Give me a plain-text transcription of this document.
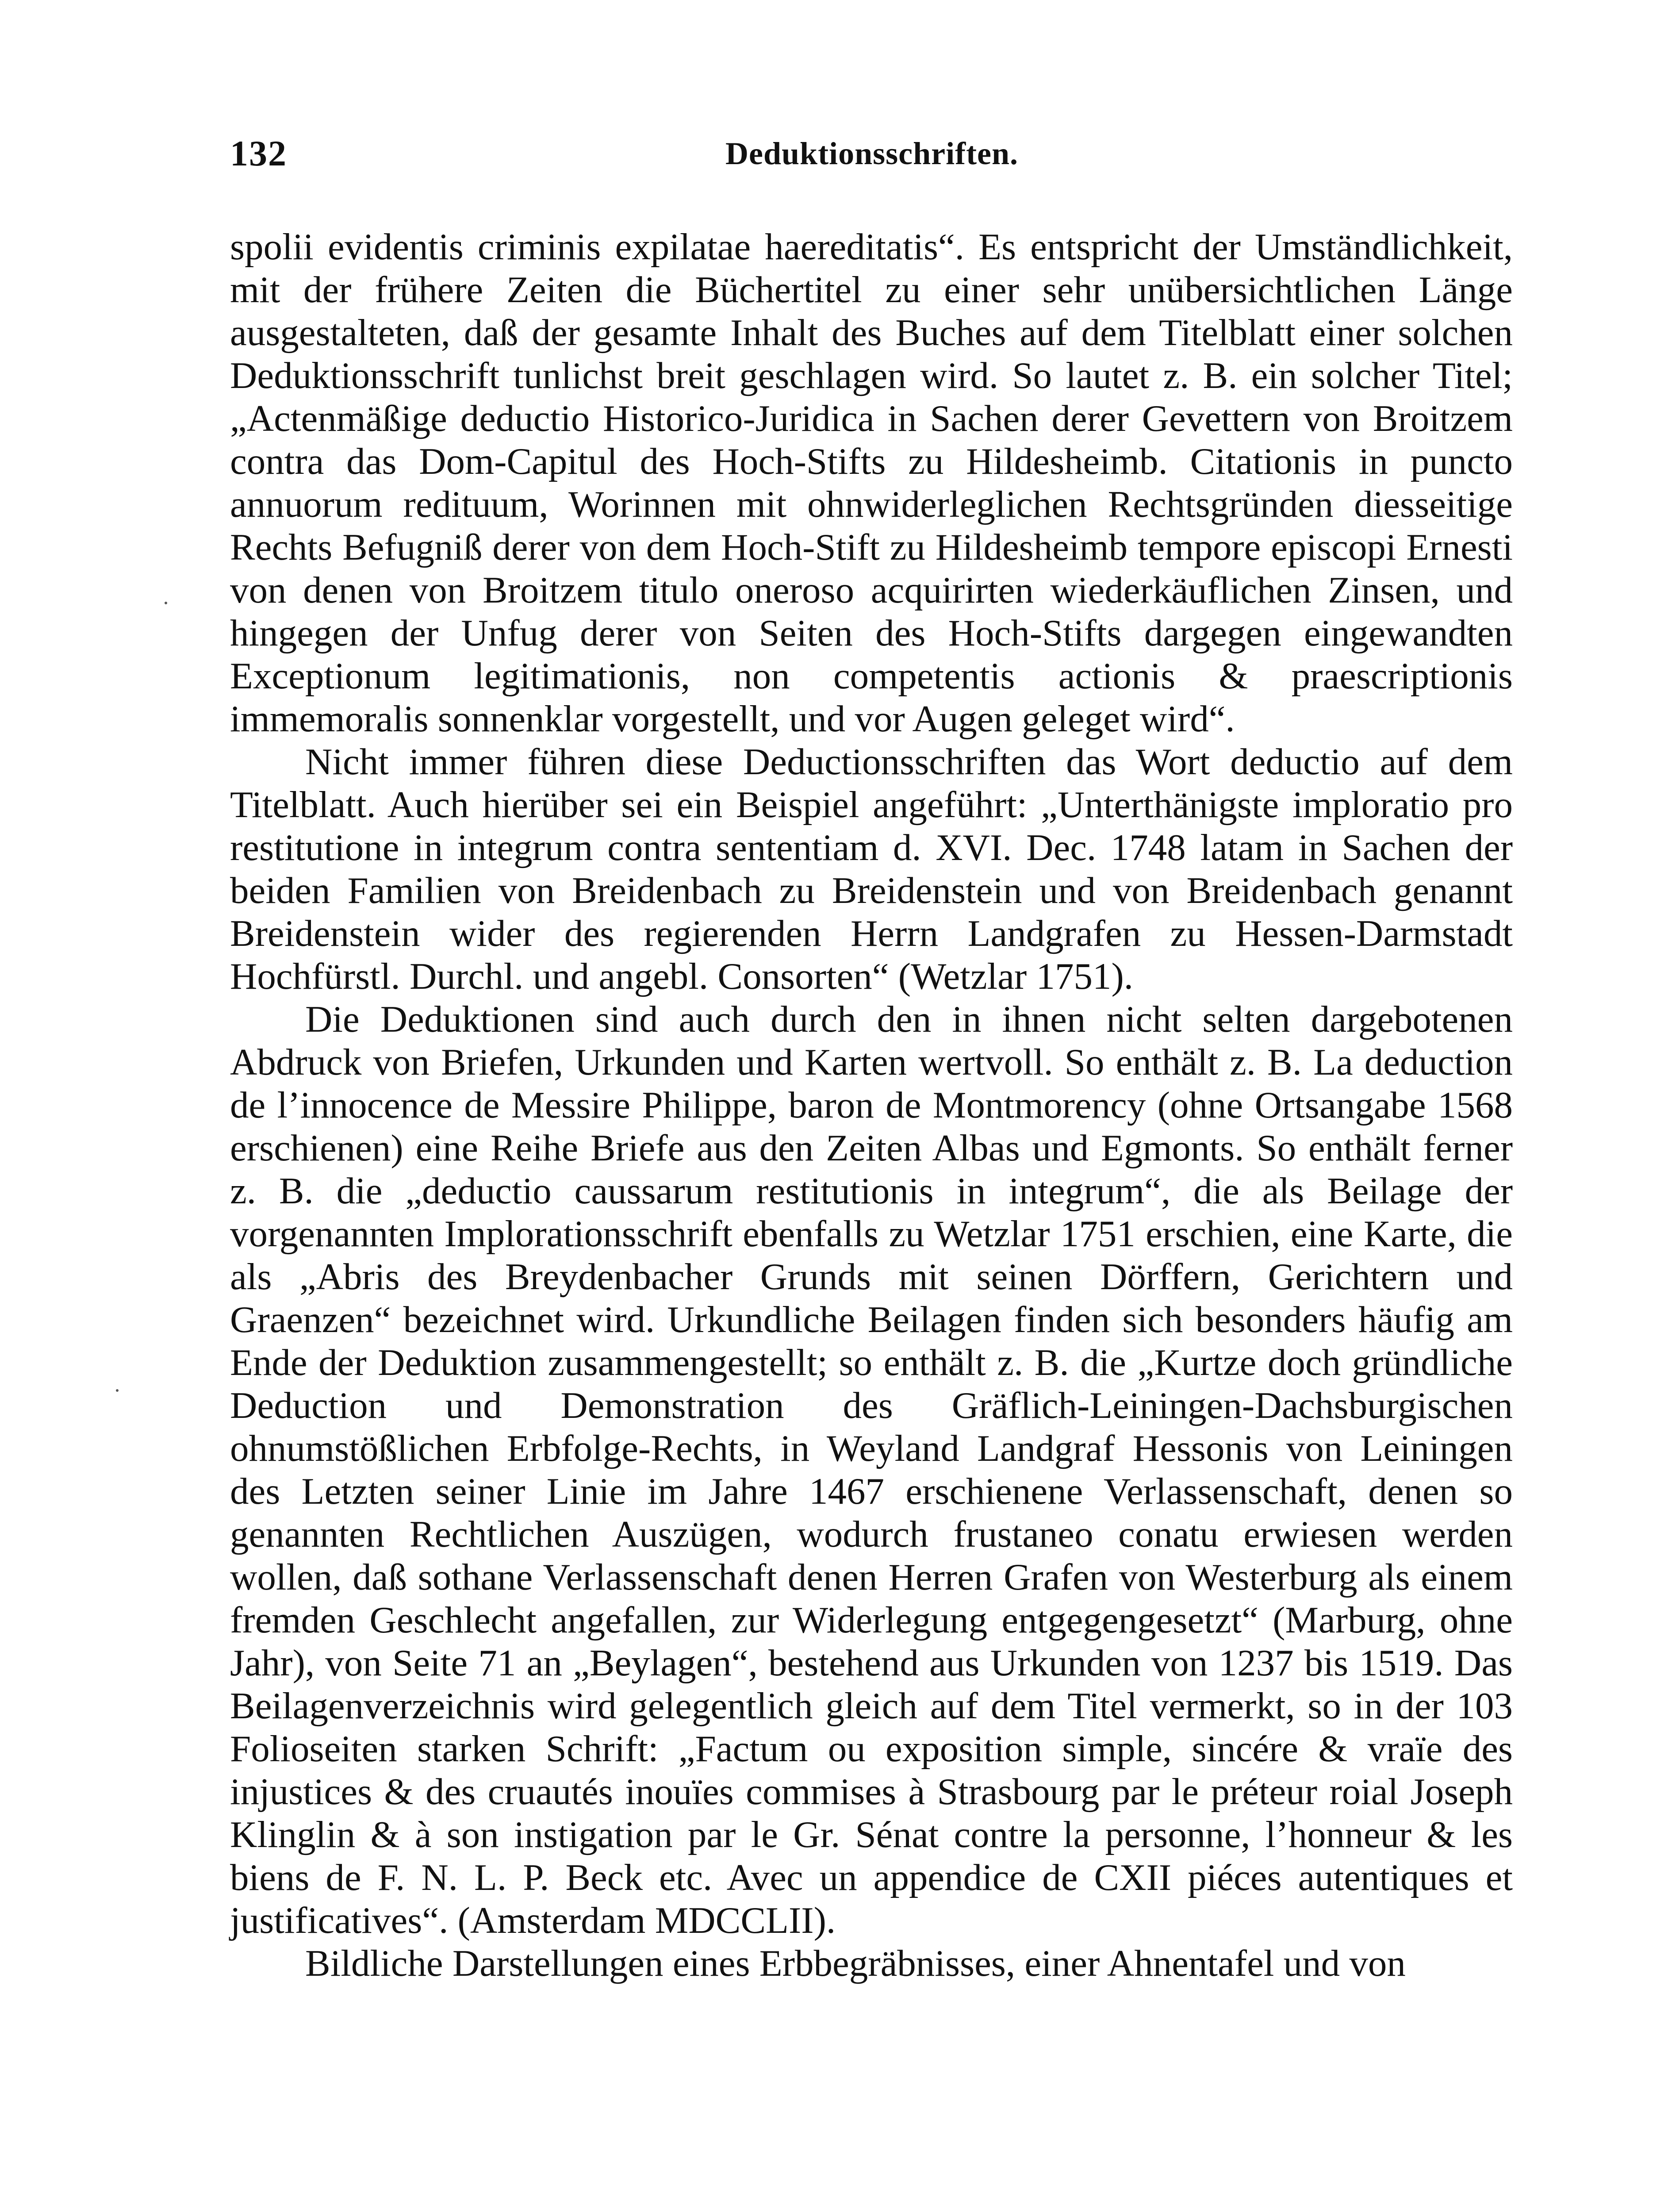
132	Deduktionsschriften.

spolii evidentis criminis expilatae haereditatis“. Es entspricht der Umständlichkeit, mit der frühere Zeiten die Büchertitel zu einer sehr unübersichtlichen Länge ausgestalteten, daß der gesamte Inhalt des Buches auf dem Titelblatt einer solchen Deduktionsschrift tunlichst breit geschlagen wird. So lautet z. B. ein solcher Titel; „Actenmäßige deductio Historico-Juridica in Sachen derer Gevettern von Broitzem contra das Dom-Capitul des Hoch-Stifts zu Hildesheimb. Citationis in puncto annuorum redituum, Worinnen mit ohnwiderleglichen Rechtsgründen diesseitige Rechts Befugniß derer von dem Hoch-Stift zu Hildesheimb tempore episcopi Ernesti von denen von Broitzem titulo oneroso acquirirten wiederkäuflichen Zinsen, und hingegen der Unfug derer von Seiten des Hoch-Stifts dargegen eingewandten Exceptionum legitimationis, non competentis actionis & praescriptionis immemoralis sonnenklar vorgestellt, und vor Augen geleget wird“.

Nicht immer führen diese Deductionsschriften das Wort deductio auf dem Titelblatt. Auch hierüber sei ein Beispiel angeführt: „Unterthänigste imploratio pro restitutione in integrum contra sententiam d. XVI. Dec. 1748 latam in Sachen der beiden Familien von Breidenbach zu Breidenstein und von Breidenbach genannt Breidenstein wider des regierenden Herrn Landgrafen zu Hessen-Darmstadt Hochfürstl. Durchl. und angebl. Consorten“ (Wetzlar 1751).

Die Deduktionen sind auch durch den in ihnen nicht selten dargebotenen Abdruck von Briefen, Urkunden und Karten wertvoll. So enthält z. B. La deduction de l’innocence de Messire Philippe, baron de Montmorency (ohne Ortsangabe 1568 erschienen) eine Reihe Briefe aus den Zeiten Albas und Egmonts. So enthält ferner z. B. die „deductio caussarum restitutionis in integrum“, die als Beilage der vorgenannten Implorationsschrift ebenfalls zu Wetzlar 1751 erschien, eine Karte, die als „Abris des Breydenbacher Grunds mit seinen Dörffern, Gerichtern und Graenzen“ bezeichnet wird. Urkundliche Beilagen finden sich besonders häufig am Ende der Deduktion zusammengestellt; so enthält z. B. die „Kurtze doch gründliche Deduction und Demonstration des Gräflich-Leiningen-Dachsburgischen ohnumstößlichen Erbfolge-Rechts, in Weyland Landgraf Hessonis von Leiningen des Letzten seiner Linie im Jahre 1467 erschienene Verlassenschaft, denen so genannten Rechtlichen Auszügen, wodurch frustaneo conatu erwiesen werden wollen, daß sothane Verlassenschaft denen Herren Grafen von Westerburg als einem fremden Geschlecht angefallen, zur Widerlegung entgegengesetzt“ (Marburg, ohne Jahr), von Seite 71 an „Beylagen“, bestehend aus Urkunden von 1237 bis 1519. Das Beilagenverzeichnis wird gelegentlich gleich auf dem Titel vermerkt, so in der 103 Folioseiten starken Schrift: „Factum ou exposition simple, sincére & vraïe des injustices & des cruautés inouïes commises à Strasbourg par le préteur roial Joseph Klinglin & à son instigation par le Gr. Sénat contre la personne, l’honneur & les biens de F. N. L. P. Beck etc. Avec un appendice de CXII piéces autentiques et justificatives“. (Amsterdam MDCCLII).

Bildliche Darstellungen eines Erbbegräbnisses, einer Ahnentafel und von
